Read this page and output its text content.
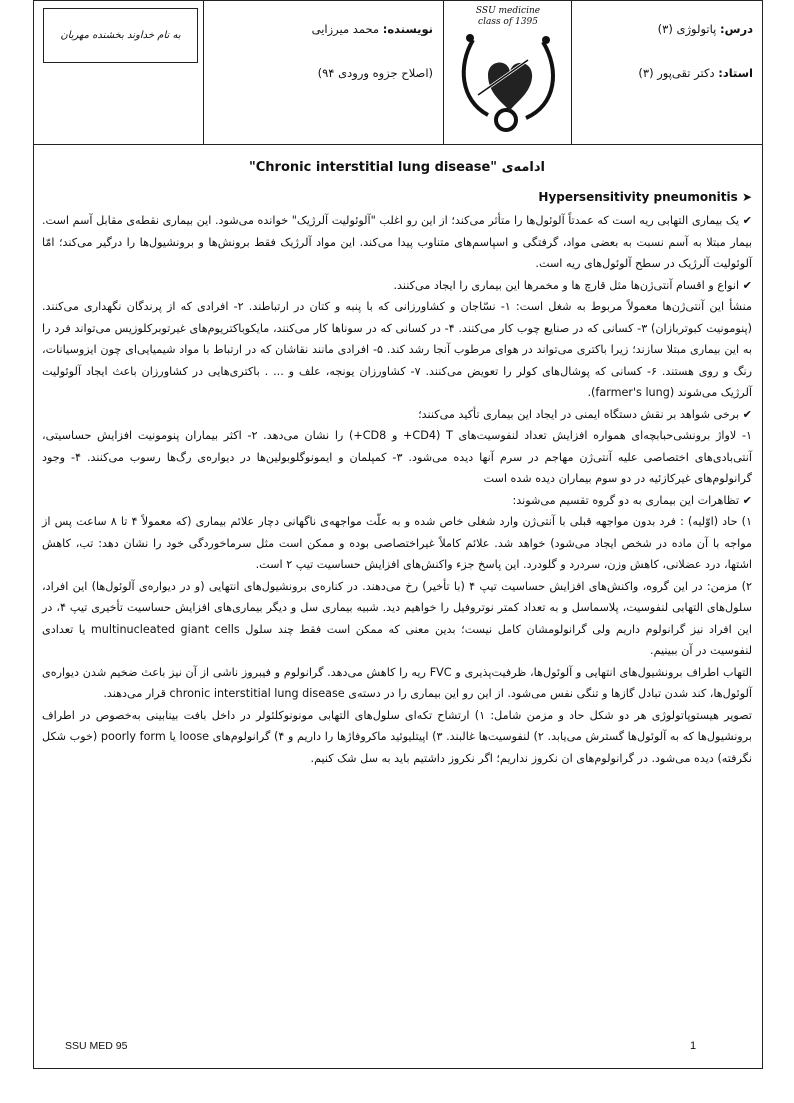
به نام خداوند بخشنده مهربان	نویسنده: محمد میرزایی
(اصلاح جزوه ورودی ۹۴)
SSU medicine
class of 1395	درس: پاتولوژی (۳)
استاد: دکتر تقی‌پور (۳)
ادامه‌ی "Chronic interstitial lung disease"
➤ Hypersensitivity pneumonitis

✔ یک بیماری التهابی ریه است که عمدتاً آلوئول‌ها را متأثر می‌کند؛ از این رو اغلب "آلوئولیت آلرژیک" خوانده می‌شود. این بیماری نقطه‌ی مقابل آسم است. بیمار مبتلا به آسم نسبت به بعضی مواد، گرفتگی و اسپاسم‌های متناوب پیدا می‌کند. این مواد آلرژیک فقط برونش‌ها و برونشیول‌ها را درگیر می‌کند؛ امّا آلوئولیت آلرژیک در سطح آلوئول‌های ریه است.

✔ انواع و اقسام آنتی‌ژن‌ها مثل قارچ ها و مخمرها این بیماری را ایجاد می‌کنند.

منشأ این آنتی‌ژن‌ها معمولاً مربوط به شغل است: ۱- نسّاجان و کشاورزانی که با پنبه و کتان در ارتباطند. ۲- افرادی که از پرندگان نگهداری می‌کنند. (پنومونیت کبوتربازان) ۳- کسانی که در صنایع چوب کار می‌کنند. ۴- در کسانی که در سوناها کار می‌کنند، مایکوباکتریوم‌های غیرتوبرکلوزیس می‌تواند فرد را به این بیماری مبتلا سازند؛ زیرا باکتری می‌تواند در هوای مرطوب آنجا رشد کند. ۵- افرادی مانند نقاشان که در ارتباط با مواد شیمیایی‌ای چون ایزوسیانات، رنگ و روی هستند. ۶- کسانی که پوشال‌های کولر را تعویض می‌کنند. ۷- کشاورزان یونجه، علف و ... . باکتری‌هایی در کشاورزان باعث ایجاد آلوئولیت آلرژیک می‌شوند (farmer's lung).

✔ برخی شواهد بر نقش دستگاه ایمنی در ایجاد این بیماری تأکید می‌کنند؛

۱- لاواژ برونشی‌حبابچه‌ای همواره افزایش تعداد لنفوسیت‌های T (CD4+ و CD8+) را نشان می‌دهد. ۲- اکثر بیماران پنومونیت افزایش حساسیتی، آنتی‌بادی‌های اختصاصی علیه آنتی‌ژن مهاجم در سرم آنها دیده می‌شود. ۳- کمپلمان و ایمونوگلوبولین‌ها در دیواره‌ی رگ‌ها رسوب می‌کنند. ۴- وجود گرانولوم‌های غیرکازئیه در دو سوم بیماران دیده شده است

✔ تظاهرات این بیماری به دو گروه تقسیم می‌شوند:

۱) حاد (اوّلیه) : فرد بدون مواجهه قبلی با آنتی‌ژن وارد شغلی خاص شده و به علّت مواجهه‌ی ناگهانی دچار علائم بیماری (که معمولاً ۴ تا ۸ ساعت پس از مواجه با آن ماده در شخص ایجاد می‌شود) خواهد شد. علائم کاملاً غیراختصاصی بوده و ممکن است مثل سرماخوردگی خود را نشان دهد: تب، کاهش اشتها، درد عضلانی، کاهش وزن، سردرد و گلودرد. این پاسخ جزء واکنش‌های افزایش حساسیت تیپ ۲ است.

۲) مزمن: در این گروه، واکنش‌های افزایش حساسیت تیپ ۴ (با تأخیر) رخ می‌دهند. در کناره‌ی برونشیول‌های انتهایی (و در دیواره‌ی آلوئول‌ها) این افراد، سلول‌های التهابی لنفوسیت، پلاسماسل و به تعداد کمتر نوتروفیل را خواهیم دید. شبیه بیماری سل و دیگر بیماری‌های افزایش حساسیت تأخیری تیپ ۴، در این افراد نیز گرانولوم داریم ولی گرانولومشان کامل نیست؛ بدین معنی که ممکن است فقط چند سلول multinucleated giant cells یا تعدادی لنفوسیت در آن ببینیم.

التهاب اطراف برونشیول‌های انتهایی و آلوئول‌ها، ظرفیت‌پذیری و FVC ریه را کاهش می‌دهد. گرانولوم و فیبروز ناشی از آن نیز باعث ضخیم شدن دیواره‌ی آلوئول‌ها، کند شدن تبادل گازها و تنگی نفس می‌شود. از این رو این بیماری را در دسته‌ی chronic interstitial lung disease قرار می‌دهند.

تصویر هیستوپاتولوژی هر دو شکل حاد و مزمن شامل: ۱) ارتشاح تکه‌ای سلول‌های التهابی مونونوکلئولر در داخل بافت بینابینی به‌خصوص در اطراف برونشیول‌ها که به آلوئول‌ها گسترش می‌یابد. ۲) لنفوسیت‌ها غالبند. ۳) اپیتلیوئید ماکروفاژها را داریم و ۴) گرانولوم‌های loose یا poorly form (خوب شکل نگرفته) دیده می‌شود. در گرانولوم‌های ان نکروز نداریم؛ اگر نکروز داشتیم باید به سل شک کنیم.

SSU MED 95	1
